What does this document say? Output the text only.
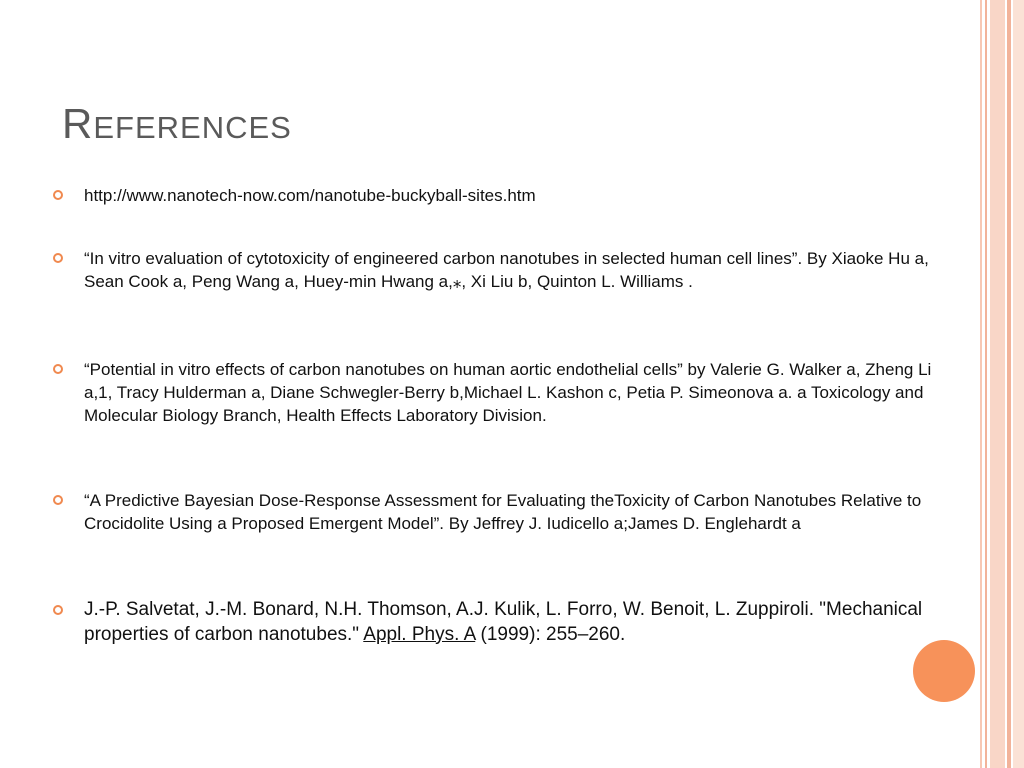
REFERENCES
http://www.nanotech-now.com/nanotube-buckyball-sites.htm
“In vitro evaluation of cytotoxicity of engineered carbon nanotubes in selected human cell lines”. By Xiaoke Hu a, Sean Cook a, Peng Wang a, Huey-min Hwang a,⁎, Xi Liu b, Quinton L. Williams .
“Potential in vitro effects of carbon nanotubes on human aortic endothelial cells” by Valerie G. Walker a, Zheng Li a,1, Tracy Hulderman a, Diane Schwegler-Berry b,Michael L. Kashon c, Petia P. Simeonova a. a Toxicology and Molecular Biology Branch, Health Effects Laboratory Division.
“A Predictive Bayesian Dose-Response Assessment for Evaluating theToxicity of Carbon Nanotubes Relative to Crocidolite Using a Proposed Emergent Model”. By Jeffrey J. Iudicello a;James D. Englehardt a
J.-P. Salvetat, J.-M. Bonard, N.H. Thomson, A.J. Kulik, L. Forro, W. Benoit, L. Zuppiroli. "Mechanical properties of carbon nanotubes." Appl. Phys. A (1999): 255–260.
